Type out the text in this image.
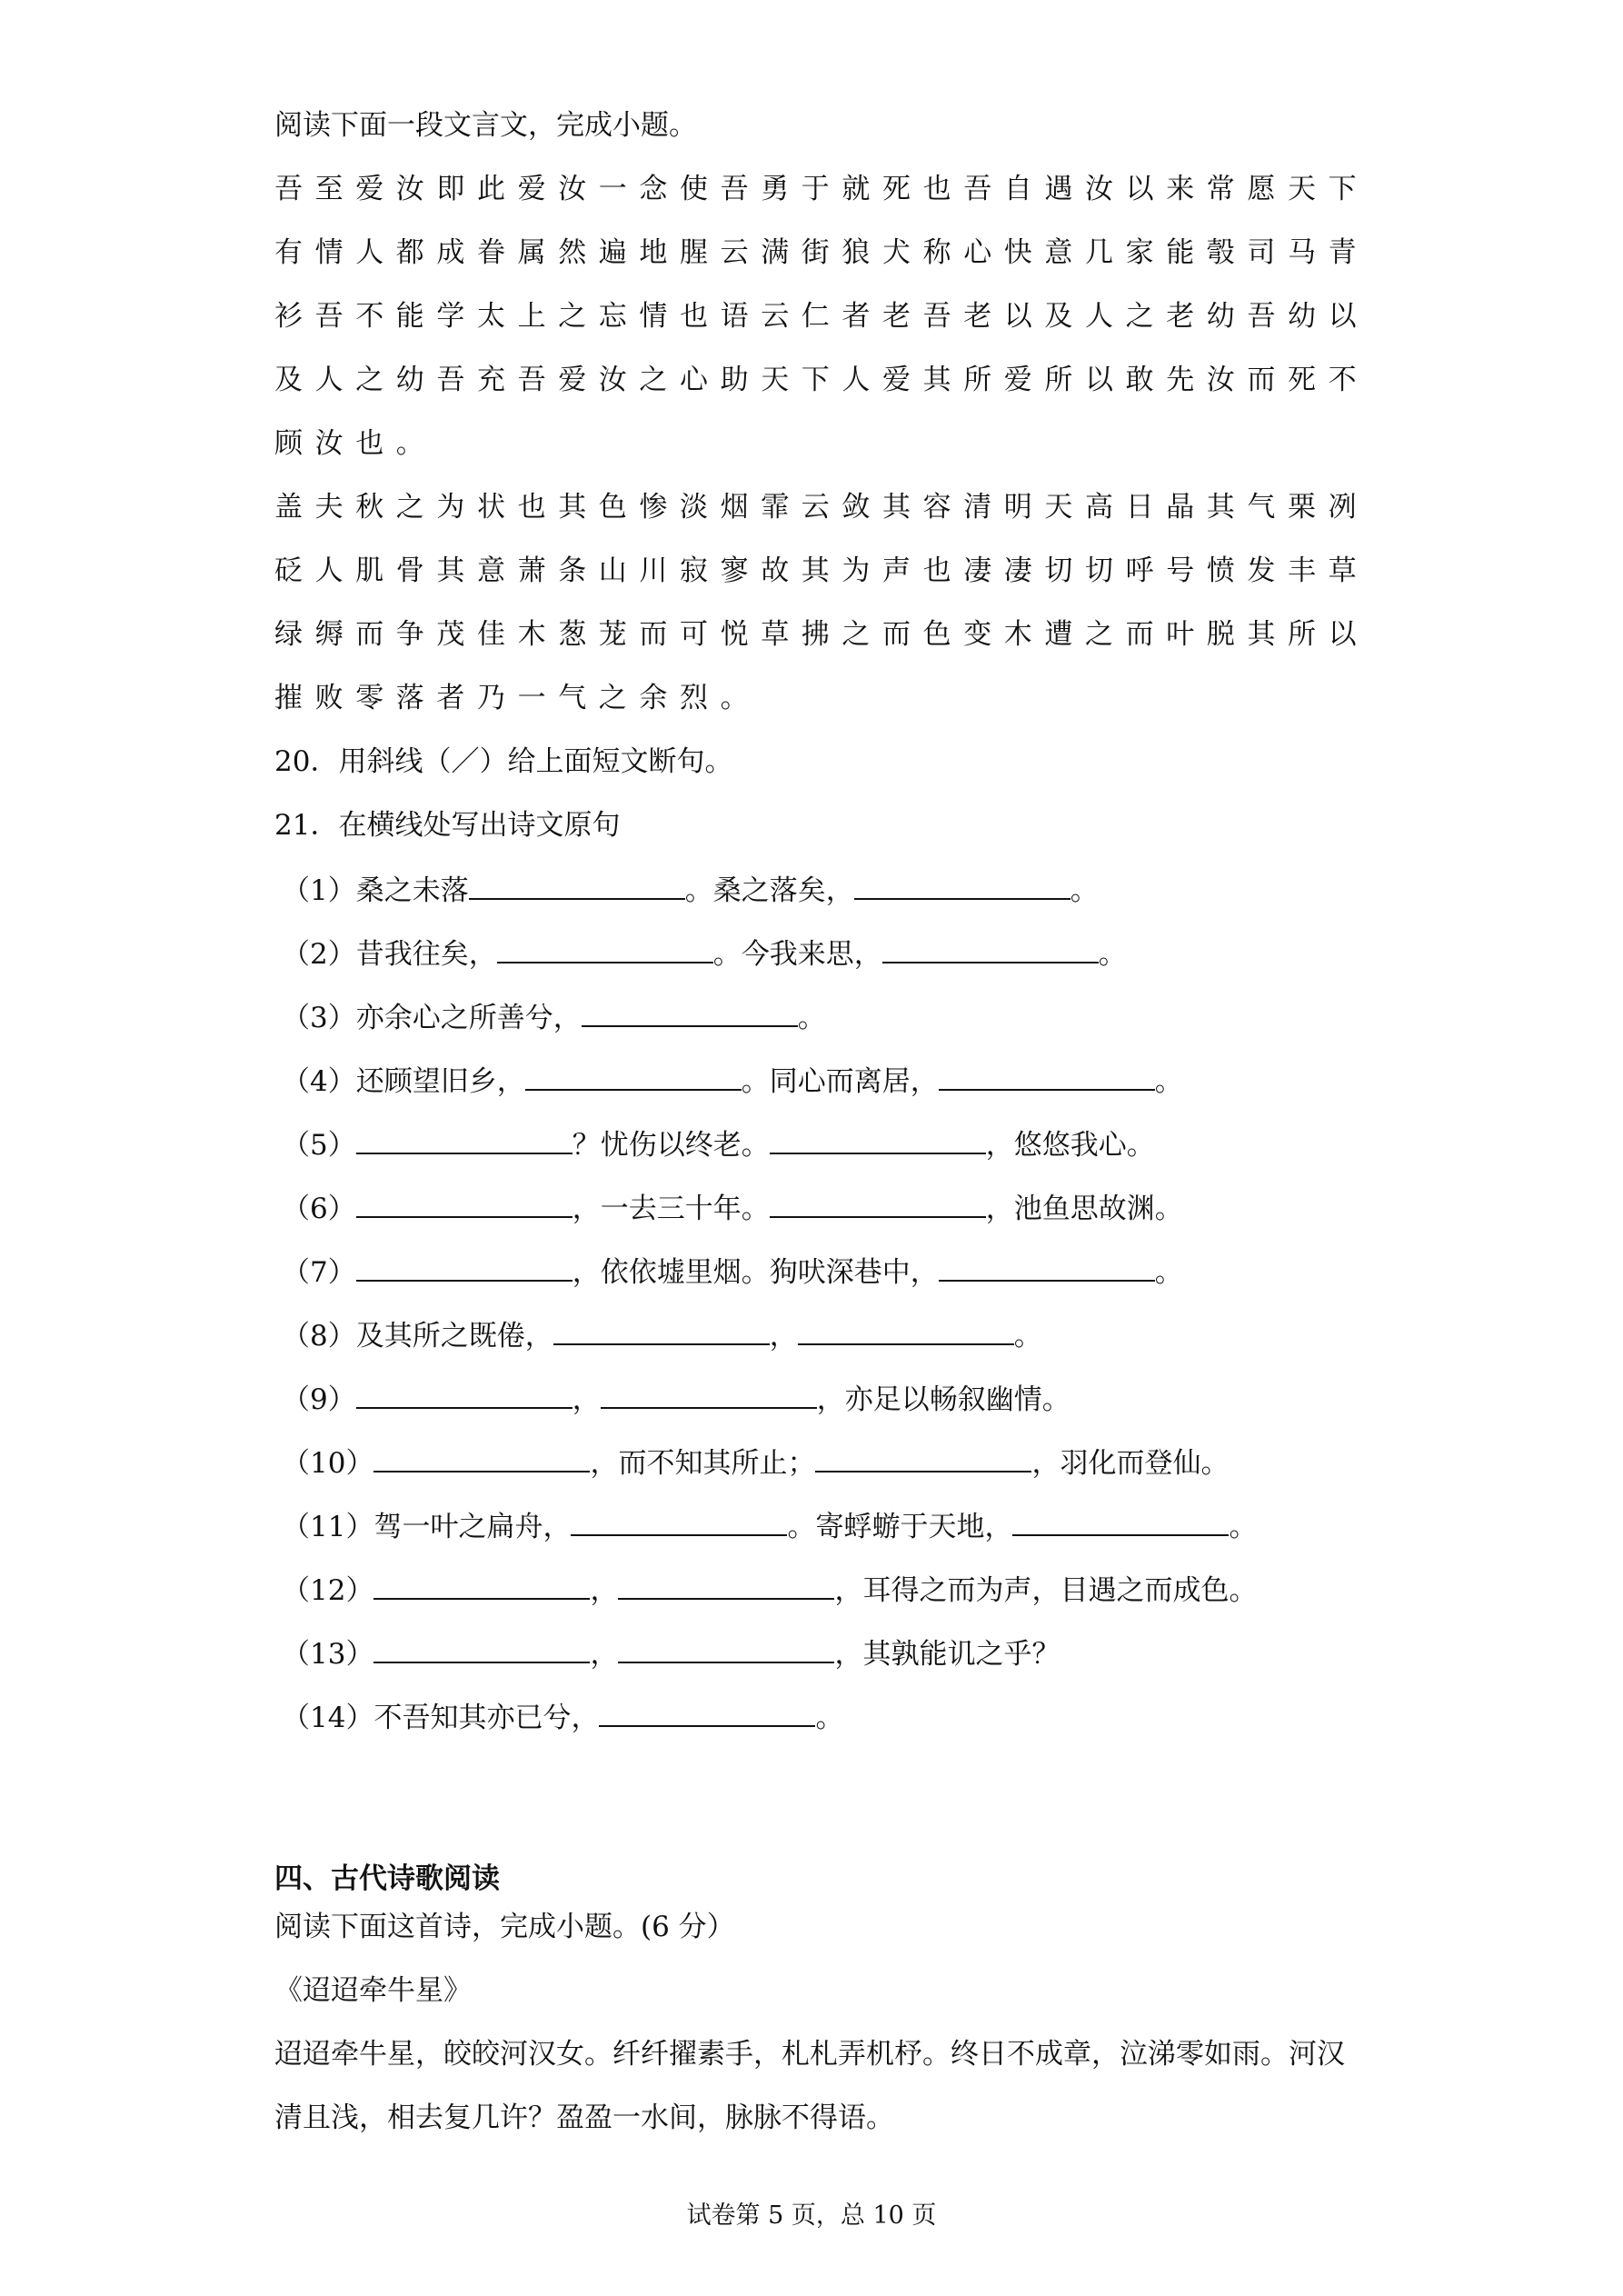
阅读下面一段文言文，完成小题。

吾至爱汝即此爱汝一念使吾勇于就死也吾自遇汝以来常愿天下

有情人都成眷属然遍地腥云满街狼犬称心快意几家能彀司马青

衫吾不能学太上之忘情也语云仁者老吾老以及人之老幼吾幼以

及人之幼吾充吾爱汝之心助天下人爱其所爱所以敢先汝而死不

顾汝也。

盖夫秋之为状也其色惨淡烟霏云敛其容清明天高日晶其气栗冽

砭人肌骨其意萧条山川寂寥故其为声也凄凄切切呼号愤发丰草

绿缛而争茂佳木葱茏而可悦草拂之而色变木遭之而叶脱其所以

摧败零落者乃一气之余烈。

20．用斜线（／）给上面短文断句。

21．在横线处写出诗文原句

（1）桑之未落	。桑之落矣，	。
（2）昔我往矣，	。今我来思，	。
（3）亦余心之所善兮，	。
（4）还顾望旧乡，	。同心而离居，	。
（5）	？忧伤以终老。	，悠悠我心。
（6）	，一去三十年。	，池鱼思故渊。
（7）	，依依墟里烟。狗吠深巷中，	。
（8）及其所之既倦，	，	。
（9）	，	，亦足以畅叙幽情。
（10）	，而不知其所止；	，羽化而登仙。
（11）驾一叶之扁舟，	。寄蜉蝣于天地，	。
（12）	，	，耳得之而为声，目遇之而成色。
（13）	，	，其孰能讥之乎？
（14）不吾知其亦已兮，	。
四、古代诗歌阅读

阅读下面这首诗，完成小题。(6 分）

《迢迢牵牛星》

迢迢牵牛星，皎皎河汉女。纤纤擢素手，札札弄机杼。终日不成章，泣涕零如雨。河汉

清且浅，相去复几许？盈盈一水间，脉脉不得语。

试卷第 5 页，总 10 页
